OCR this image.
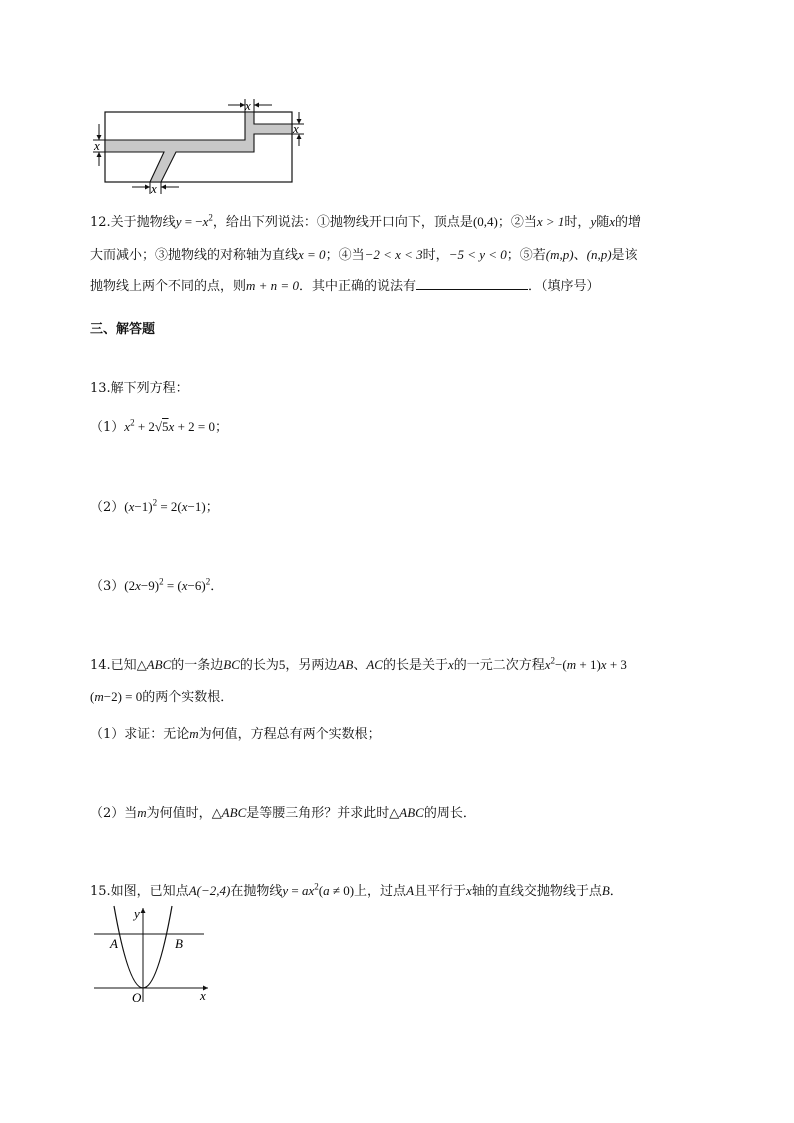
x
x
x
x
12.关于抛物线$y = -x^2$，给出下列说法：①抛物线开口向下，顶点是(0,4)；②当x > 1时，y随x的增
大而减小；③抛物线的对称轴为直线x = 0；④当−2 < x < 3时，−5 < y < 0；⑤若(m,p)、(n,p)是该
抛物线上两个不同的点，则m + n = 0．其中正确的说法有	．（填序号）
三、解答题
13.解下列方程：
$(1)x^2 + 2√5x + 2 = 0$；
$(2)(x-1)^2 = 2(x-1)$；
$(3)(2x-9)^2 = (x-6)^2$．
14.已知△ABC的一条边BC的长为5，另两边AB、AC的长是关于x的一元二次方程$x^2-(m + 1)x + 3$
(m−2) = 0的两个实数根．
（1）求证：无论m为何值，方程总有两个实数根；
（2）当m为何值时，△ABC是等腰三角形？并求此时△ABC的周长．
15.如图，已知点A(−2,4)在抛物线$y = ax^2(a \ne 0)$上，过点A且平行于x轴的直线交抛物线于点B．
y
x
O
A	B
